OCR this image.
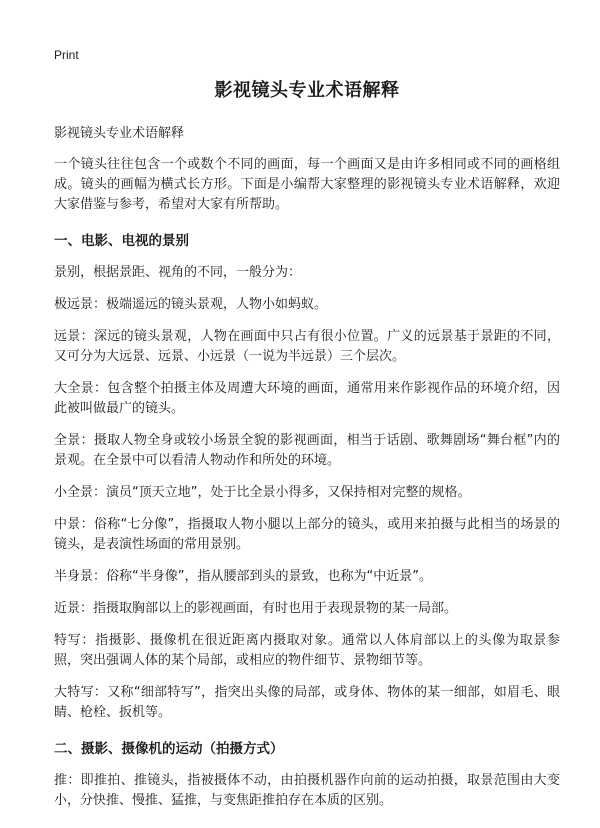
Print
影视镜头专业术语解释
影视镜头专业术语解释

一个镜头往往包含一个或数个不同的画面，每一个画面又是由许多相同或不同的画格组成。镜头的画幅为横式长方形。下面是小编帮大家整理的影视镜头专业术语解释，欢迎大家借鉴与参考，希望对大家有所帮助。

一、电影、电视的景别

景别，根据景距、视角的不同，一般分为：

极远景：极端遥远的镜头景观，人物小如蚂蚁。

远景：深远的镜头景观，人物在画面中只占有很小位置。广义的远景基于景距的不同，又可分为大远景、远景、小远景（一说为半远景）三个层次。

大全景：包含整个拍摄主体及周遭大环境的画面，通常用来作影视作品的环境介绍，因此被叫做最广的镜头。

全景：摄取人物全身或较小场景全貌的影视画面，相当于话剧、歌舞剧场“舞台框”内的景观。在全景中可以看清人物动作和所处的环境。

小全景：演员“顶天立地”，处于比全景小得多，又保持相对完整的规格。

中景：俗称“七分像”，指摄取人物小腿以上部分的镜头，或用来拍摄与此相当的场景的镜头，是表演性场面的常用景别。

半身景：俗称“半身像”，指从腰部到头的景致，也称为“中近景”。

近景：指摄取胸部以上的影视画面，有时也用于表现景物的某一局部。

特写：指摄影、摄像机在很近距离内摄取对象。通常以人体肩部以上的头像为取景参照，突出强调人体的某个局部，或相应的物件细节、景物细节等。

大特写：又称“细部特写”，指突出头像的局部，或身体、物体的某一细部，如眉毛、眼睛、枪栓、扳机等。

二、摄影、摄像机的运动（拍摄方式）

推：即推拍、推镜头，指被摄体不动，由拍摄机器作向前的运动拍摄，取景范围由大变小，分快推、慢推、猛推，与变焦距推拍存在本质的区别。
